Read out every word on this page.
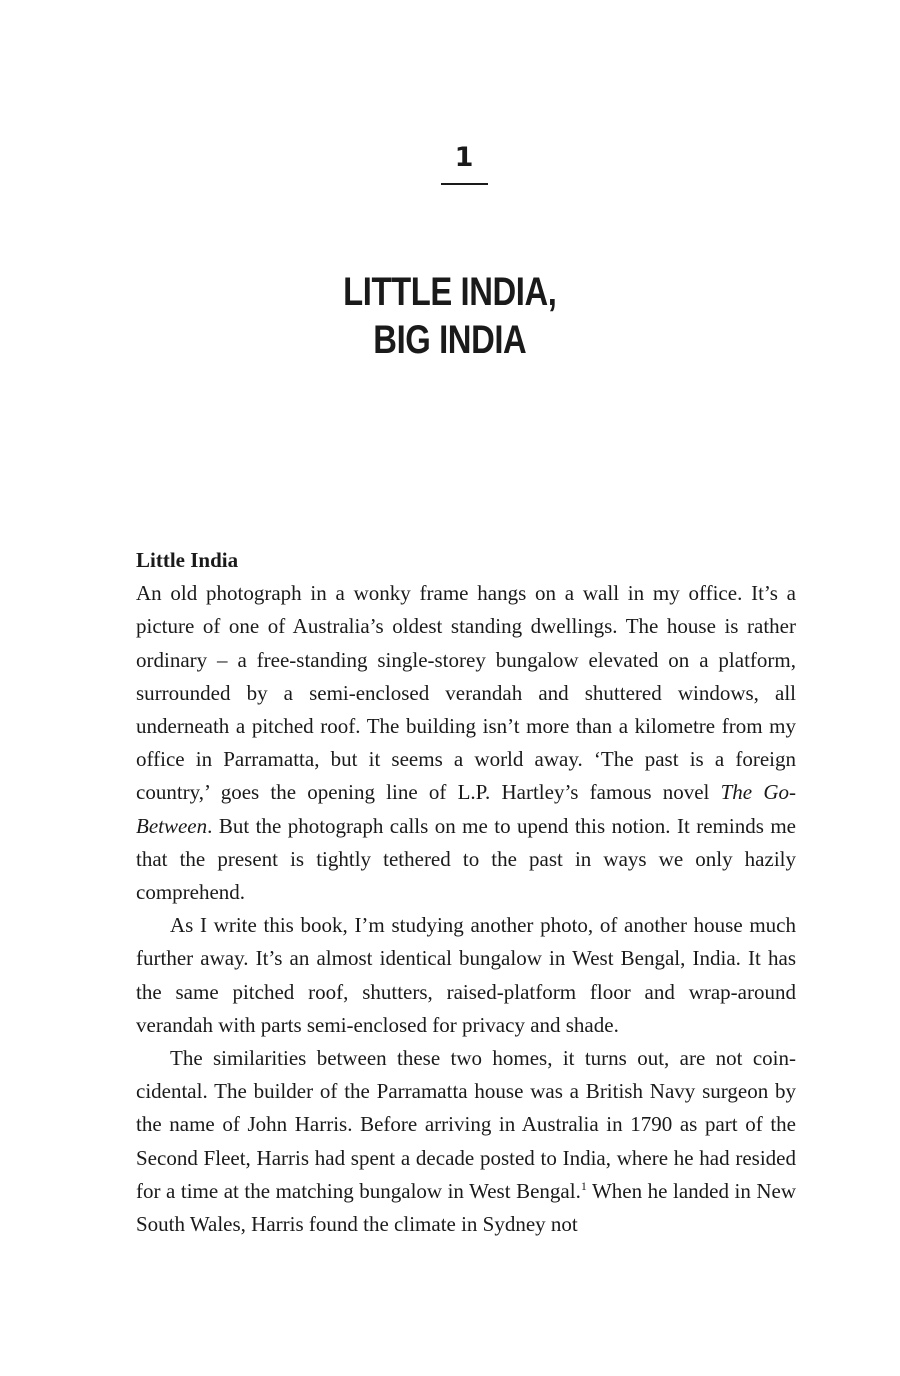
1
LITTLE INDIA,
BIG INDIA

Little India

An old photograph in a wonky frame hangs on a wall in my office. It’s a picture of one of Australia’s oldest standing dwellings. The house is rather ordinary – a free-standing single-storey bungalow elevated on a platform, surrounded by a semi-enclosed verandah and shuttered windows, all underneath a pitched roof. The building isn’t more than a kilometre from my office in Parramatta, but it seems a world away. ‘The past is a foreign country,’ goes the opening line of L.P. Hartley’s famous novel The Go-Between. But the photograph calls on me to upend this notion. It reminds me that the present is tightly tethered to the past in ways we only hazily comprehend.

As I write this book, I’m studying another photo, of another house much further away. It’s an almost identical bungalow in West Bengal, India. It has the same pitched roof, shutters, raised-platform floor and wrap-around verandah with parts semi-enclosed for privacy and shade.

The similarities between these two homes, it turns out, are not coincidental. The builder of the Parramatta house was a British Navy surgeon by the name of John Harris. Before arriving in Australia in 1790 as part of the Second Fleet, Harris had spent a decade posted to India, where he had resided for a time at the matching bungalow in West Bengal.$^1$ When he landed in New South Wales, Harris found the climate in Sydney not
